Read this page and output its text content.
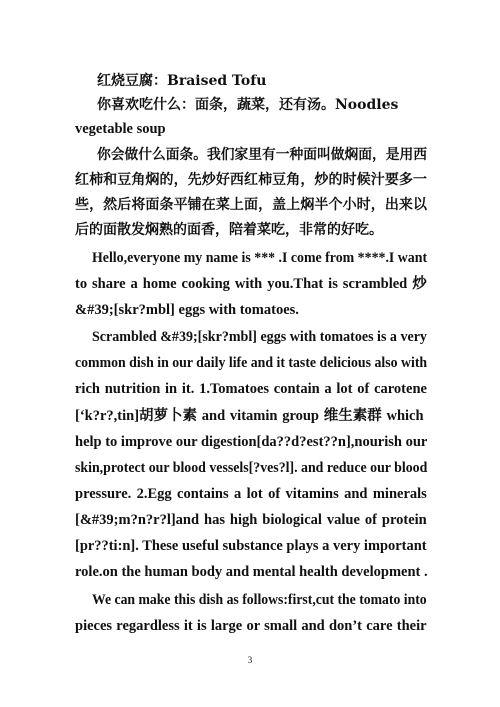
红烧豆腐：Braised Tofu
你喜欢吃什么：面条，蔬菜，还有汤。Noodles
vegetable soup
你会做什么面条。我们家里有一种面叫做焖面，是用西
红柿和豆角焖的，先炒好西红柿豆角，炒的时候汁要多一
些，然后将面条平铺在菜上面，盖上焖半个小时，出来以
后的面散发焖熟的面香，陪着菜吃，非常的好吃。
Hello,everyone my name is *** .I come from ****.I want
to share a home cooking with you.That is scrambled 炒
&#39;[skr?mbl] eggs with tomatoes.
Scrambled &#39;[skr?mbl] eggs with tomatoes is a very
common dish in our daily life and it taste delicious also with
rich nutrition in it. 1.Tomatoes contain a lot of carotene
[‘k?r?,tin]胡萝卜素 and vitamin group 维生素群 which
help to improve our digestion[da??d?est??n],nourish our
skin,protect our blood vessels[?ves?l]. and reduce our blood
pressure. 2.Egg contains a lot of vitamins and minerals
[&#39;m?n?r?l]and has high biological value of protein
[pr??ti:n]. These useful substance plays a very important
role.on the human body and mental health development .
We can make this dish as follows:first,cut the tomato into
pieces regardless it is large or small and don’t care their
3
